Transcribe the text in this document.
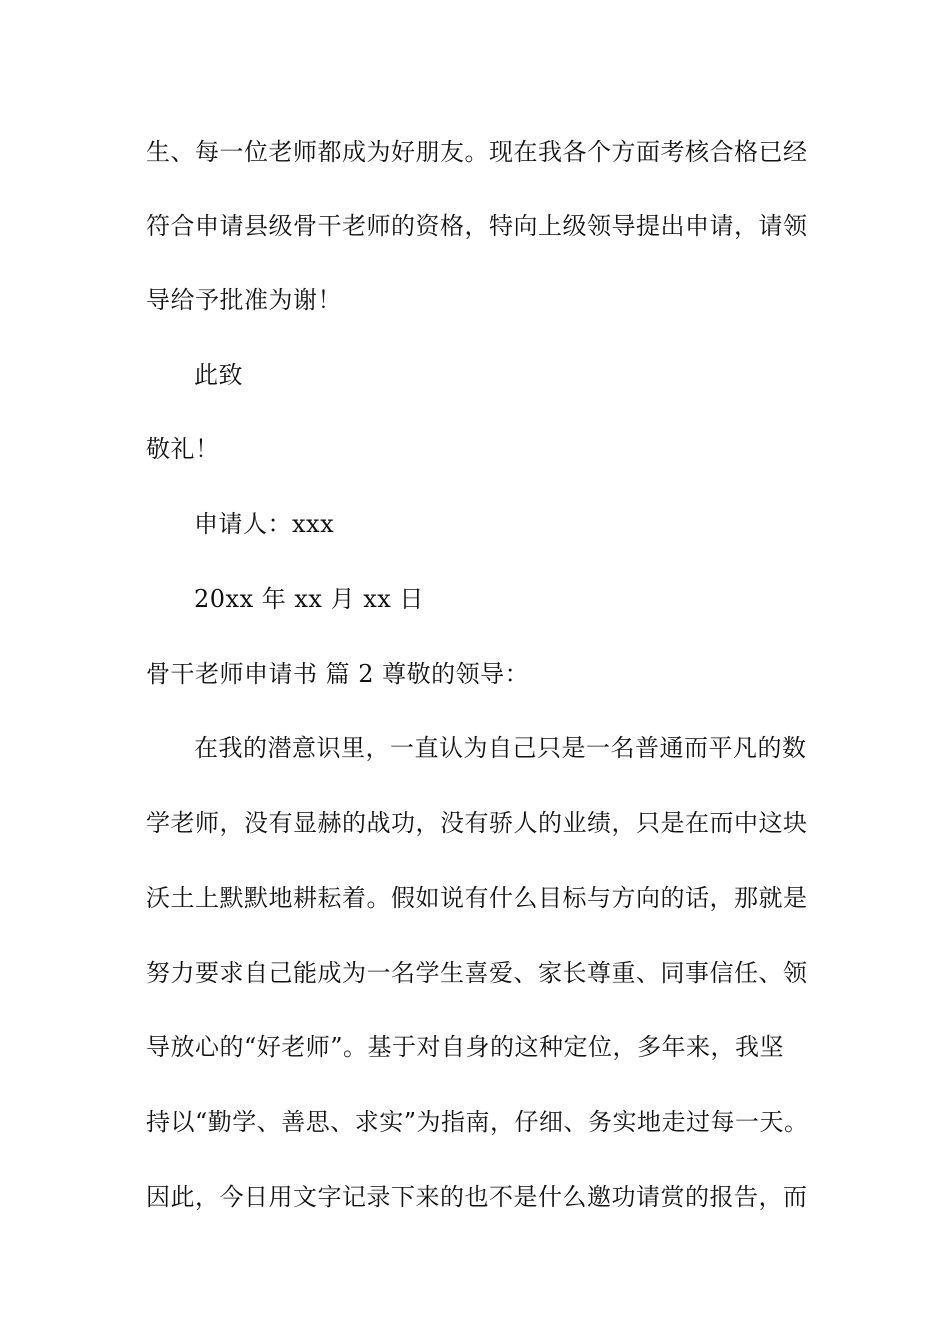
生、每一位老师都成为好朋友。现在我各个方面考核合格已经
符合申请县级骨干老师的资格，特向上级领导提出申请，请领
导给予批准为谢！
此致
敬礼！
申请人：xxx
20xx 年 xx 月 xx 日
骨干老师申请书 篇 2 尊敬的领导：
在我的潜意识里，一直认为自己只是一名普通而平凡的数
学老师，没有显赫的战功，没有骄人的业绩，只是在而中这块
沃土上默默地耕耘着。假如说有什么目标与方向的话，那就是
努力要求自己能成为一名学生喜爱、家长尊重、同事信任、领
导放心的“好老师”。基于对自身的这种定位，多年来，我坚
持以“勤学、善思、求实”为指南，仔细、务实地走过每一天。
因此，今日用文字记录下来的也不是什么邀功请赏的报告，而
